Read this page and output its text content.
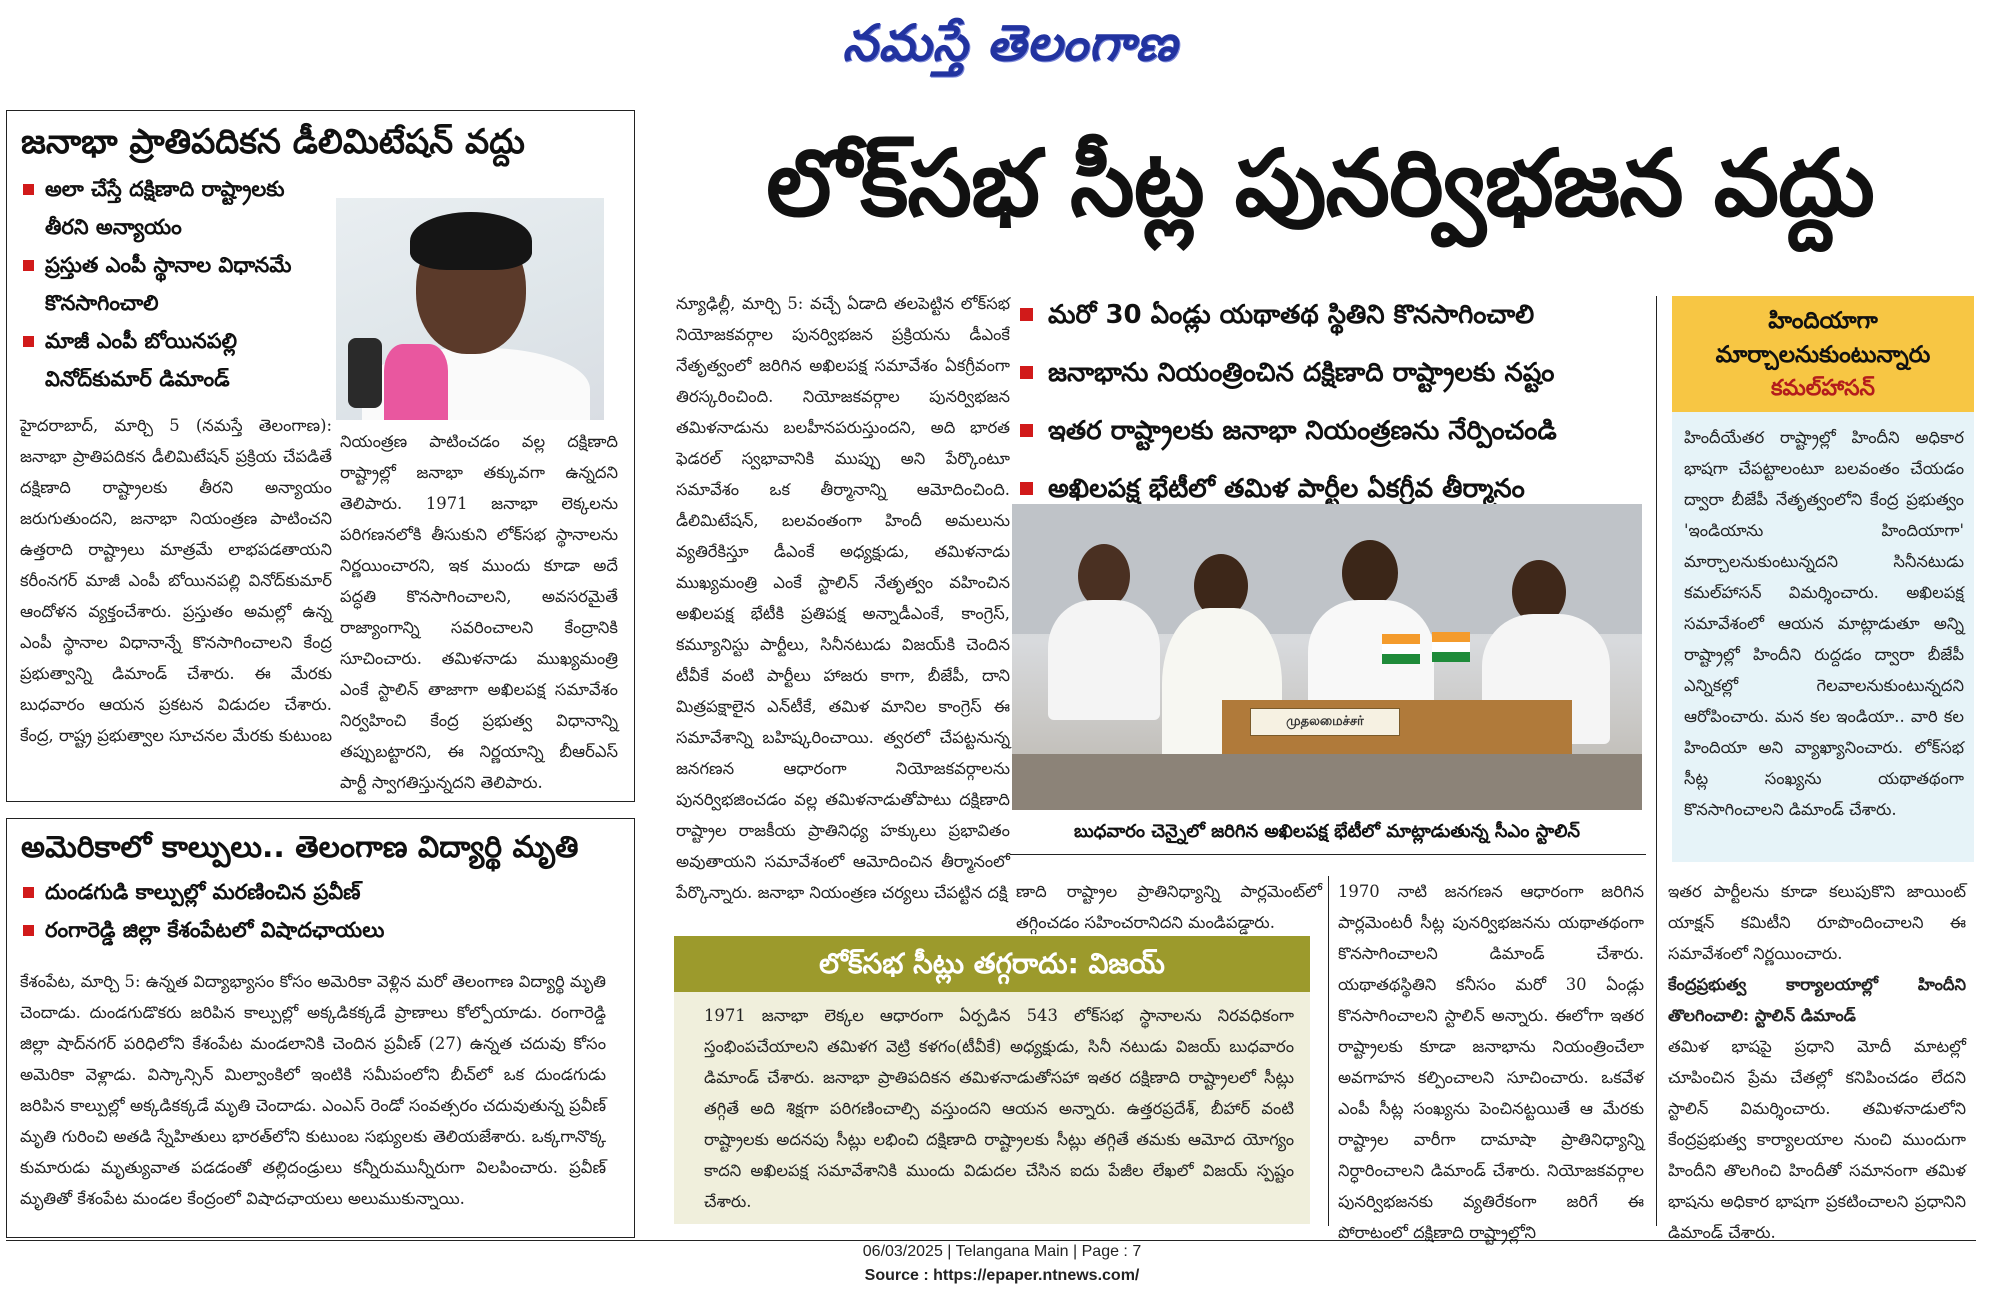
నమస్తే తెలంగాణ
జనాభా ప్రాతిపదికన డీలిమిటేషన్ వద్దు
అలా చేస్తే దక్షిణాది రాష్ట్రాలకు తీరని అన్యాయం
ప్రస్తుత ఎంపీ స్థానాల విధానమే కొనసాగించాలి
మాజీ ఎంపీ బోయినపల్లి వినోద్‌కుమార్ డిమాండ్
హైదరాబాద్, మార్చి 5 (నమస్తే తెలంగాణ): జనాభా ప్రాతిపదికన డీలిమిటేషన్ ప్రక్రియ చేపడితే దక్షిణాది రాష్ట్రాలకు తీరని అన్యాయం జరుగుతుందని, జనాభా నియంత్రణ పాటించని ఉత్తరాది రాష్ట్రాలు మాత్రమే లాభపడతాయని కరీంనగర్ మాజీ ఎంపీ బోయినపల్లి వినోద్‌కుమార్ ఆందోళన వ్యక్తంచేశారు. ప్రస్తుతం అమల్లో ఉన్న ఎంపీ స్థానాల విధానాన్నే కొనసాగించాలని కేంద్ర ప్రభుత్వాన్ని డిమాండ్ చేశారు. ఈ మేరకు బుధవారం ఆయన ప్రకటన విడుదల చేశారు. కేంద్ర, రాష్ట్ర ప్రభుత్వాల సూచనల మేరకు కుటుంబ
నియంత్రణ పాటించడం వల్ల దక్షిణాది రాష్ట్రాల్లో జనాభా తక్కువగా ఉన్నదని తెలిపారు. 1971 జనాభా లెక్కలను పరిగణనలోకి తీసుకుని లోక్‌సభ స్థానాలను నిర్ణయించారని, ఇక ముందు కూడా అదే పద్ధతి కొనసాగించాలని, అవసరమైతే రాజ్యాంగాన్ని సవరించాలని కేంద్రానికి సూచించారు. తమిళనాడు ముఖ్యమంత్రి ఎంకే స్టాలిన్ తాజాగా అఖిలపక్ష సమావేశం నిర్వహించి కేంద్ర ప్రభుత్వ విధానాన్ని తప్పుబట్టారని, ఈ నిర్ణయాన్ని బీఆర్‌ఎస్ పార్టీ స్వాగతిస్తున్నదని తెలిపారు.
అమెరికాలో కాల్పులు.. తెలంగాణ విద్యార్థి మృతి
దుండగుడి కాల్పుల్లో మరణించిన ప్రవీణ్
రంగారెడ్డి జిల్లా కేశంపేటలో విషాదఛాయలు
కేశంపేట, మార్చి 5: ఉన్నత విద్యాభ్యాసం కోసం అమెరికా వెళ్లిన మరో తెలంగాణ విద్యార్థి మృతి చెందాడు. దుండగుడొకరు జరిపిన కాల్పుల్లో అక్కడికక్కడే ప్రాణాలు కోల్పోయాడు. రంగారెడ్డి జిల్లా షాద్‌నగర్ పరిధిలోని కేశంపేట మండలానికి చెందిన ప్రవీణ్ (27) ఉన్నత చదువు కోసం అమెరికా వెళ్లాడు. విస్కాన్సిన్ మిల్వాంకిలో ఇంటికి సమీపంలోని బీచ్‌లో ఒక దుండగుడు జరిపిన కాల్పుల్లో అక్కడికక్కడే మృతి చెందాడు. ఎంఎస్ రెండో సంవత్సరం చదువుతున్న ప్రవీణ్ మృతి గురించి అతడి స్నేహితులు భారత్‌లోని కుటుంబ సభ్యులకు తెలియజేశారు. ఒక్కగానొక్క కుమారుడు మృత్యువాత పడడంతో తల్లిదండ్రులు కన్నీరుమున్నీరుగా విలపించారు. ప్రవీణ్ మృతితో కేశంపేట మండల కేంద్రంలో విషాదఛాయలు అలుముకున్నాయి.
లోక్‌సభ సీట్ల పునర్విభజన వద్దు
న్యూఢిల్లీ, మార్చి 5: వచ్చే ఏడాది తలపెట్టిన లోక్‌సభ నియోజకవర్గాల పునర్విభజన ప్రక్రియను డీఎంకే నేతృత్వంలో జరిగిన అఖిలపక్ష సమావేశం ఏకగ్రీవంగా తిరస్కరించింది. నియోజకవర్గాల పునర్విభజన తమిళనాడును బలహీనపరుస్తుందని, అది భారత ఫెడరల్ స్వభావానికి ముప్పు అని పేర్కొంటూ సమావేశం ఒక తీర్మానాన్ని ఆమోదించింది. డీలిమిటేషన్, బలవంతంగా హిందీ అమలును వ్యతిరేకిస్తూ డీఎంకే అధ్యక్షుడు, తమిళనాడు ముఖ్యమంత్రి ఎంకే స్టాలిన్ నేతృత్వం వహించిన అఖిలపక్ష భేటీకి ప్రతిపక్ష అన్నాడీఎంకే, కాంగ్రెస్, కమ్యూనిస్టు పార్టీలు, సినీనటుడు విజయ్‌కి చెందిన టీవీకే వంటి పార్టీలు హాజరు కాగా, బీజేపీ, దాని మిత్రపక్షాలైన ఎన్‌టీకే, తమిళ మానిల కాంగ్రెస్ ఈ సమావేశాన్ని బహిష్కరించాయి. త్వరలో చేపట్టనున్న జనగణన ఆధారంగా నియోజకవర్గాలను పునర్విభజించడం వల్ల తమిళనాడుతోపాటు దక్షిణాది రాష్ట్రాల రాజకీయ ప్రాతినిధ్య హక్కులు ప్రభావితం అవుతాయని సమావేశంలో ఆమోదించిన తీర్మానంలో పేర్కొన్నారు. జనాభా నియంత్రణ చర్యలు చేపట్టిన దక్షి
మరో 30 ఏండ్లు యథాతథ స్థితిని కొనసాగించాలి
జనాభాను నియంత్రించిన దక్షిణాది రాష్ట్రాలకు నష్టం
ఇతర రాష్ట్రాలకు జనాభా నియంత్రణను నేర్పించండి
అఖిలపక్ష భేటీలో తమిళ పార్టీల ఏకగ్రీవ తీర్మానం
முதலமைச்சர்
బుధవారం చెన్నైలో జరిగిన అఖిలపక్ష భేటీలో మాట్లాడుతున్న సీఎం స్టాలిన్
ణాది రాష్ట్రాల ప్రాతినిధ్యాన్ని పార్లమెంట్‌లో తగ్గించడం సహించరానిదని మండిపడ్డారు.
1970 నాటి జనగణన ఆధారంగా జరిగిన పార్లమెంటరీ సీట్ల పునర్విభజనను యథాతథంగా కొనసాగించాలని డిమాండ్ చేశారు. యథాతథస్థితిని కనీసం మరో 30 ఏండ్లు కొనసాగించాలని స్టాలిన్ అన్నారు. ఈలోగా ఇతర రాష్ట్రాలకు కూడా జనాభాను నియంత్రించేలా అవగాహన కల్పించాలని సూచించారు. ఒకవేళ ఎంపీ సీట్ల సంఖ్యను పెంచినట్టయితే ఆ మేరకు రాష్ట్రాల వారీగా దామాషా ప్రాతినిధ్యాన్ని నిర్ధారించాలని డిమాండ్ చేశారు. నియోజకవర్గాల పునర్విభజనకు వ్యతిరేకంగా జరిగే ఈ పోరాటంలో దక్షిణాది రాష్ట్రాల్లోని
లోక్‌సభ సీట్లు తగ్గరాదు: విజయ్
1971 జనాభా లెక్కల ఆధారంగా ఏర్పడిన 543 లోక్‌సభ స్థానాలను నిరవధికంగా స్తంభింపచేయాలని తమిళగ వెట్రి కళగం(టీవీకే) అధ్యక్షుడు, సినీ నటుడు విజయ్ బుధవారం డిమాండ్ చేశారు. జనాభా ప్రాతిపదికన తమిళనాడుతోసహా ఇతర దక్షిణాది రాష్ట్రాలలో సీట్లు తగ్గితే అది శిక్షగా పరిగణించాల్సి వస్తుందని ఆయన అన్నారు. ఉత్తరప్రదేశ్, బీహార్ వంటి రాష్ట్రాలకు అదనపు సీట్లు లభించి దక్షిణాది రాష్ట్రాలకు సీట్లు తగ్గితే తమకు ఆమోద యోగ్యం కాదని అఖిలపక్ష సమావేశానికి ముందు విడుదల చేసిన ఐదు పేజీల లేఖలో విజయ్ స్పష్టం చేశారు.
హిందియాగా
మార్చాలనుకుంటున్నారు
కమల్‌హాసన్
హిందీయేతర రాష్ట్రాల్లో హిందీని అధికార భాషగా చేపట్టాలంటూ బలవంతం చేయడం ద్వారా బీజేపీ నేతృత్వంలోని కేంద్ర ప్రభుత్వం 'ఇండియాను హిందియాగా' మార్చాలనుకుంటున్నదని సినీనటుడు కమల్‌హాసన్ విమర్శించారు. అఖిలపక్ష సమావేశంలో ఆయన మాట్లాడుతూ అన్ని రాష్ట్రాల్లో హిందీని రుద్దడం ద్వారా బీజేపీ ఎన్నికల్లో గెలవాలనుకుంటున్నదని ఆరోపించారు. మన కల ఇండియా.. వారి కల హిందియా అని వ్యాఖ్యానించారు. లోక్‌సభ సీట్ల సంఖ్యను యథాతథంగా కొనసాగించాలని డిమాండ్ చేశారు.
ఇతర పార్టీలను కూడా కలుపుకొని జాయింట్ యాక్షన్ కమిటీని రూపొందించాలని ఈ సమావేశంలో నిర్ణయించారు.
కేంద్రప్రభుత్వ కార్యాలయాల్లో హిందీని తొలగించాలి: స్టాలిన్ డిమాండ్
తమిళ భాషపై ప్రధాని మోదీ మాటల్లో చూపించిన ప్రేమ చేతల్లో కనిపించడం లేదని స్టాలిన్ విమర్శించారు. తమిళనాడులోని కేంద్రప్రభుత్వ కార్యాలయాల నుంచి ముందుగా హిందీని తొలగించి హిందీతో సమానంగా తమిళ భాషను అధికార భాషగా ప్రకటించాలని ప్రధానిని డిమాండ్ చేశారు.
06/03/2025 | Telangana Main | Page : 7
Source : https://epaper.ntnews.com/
